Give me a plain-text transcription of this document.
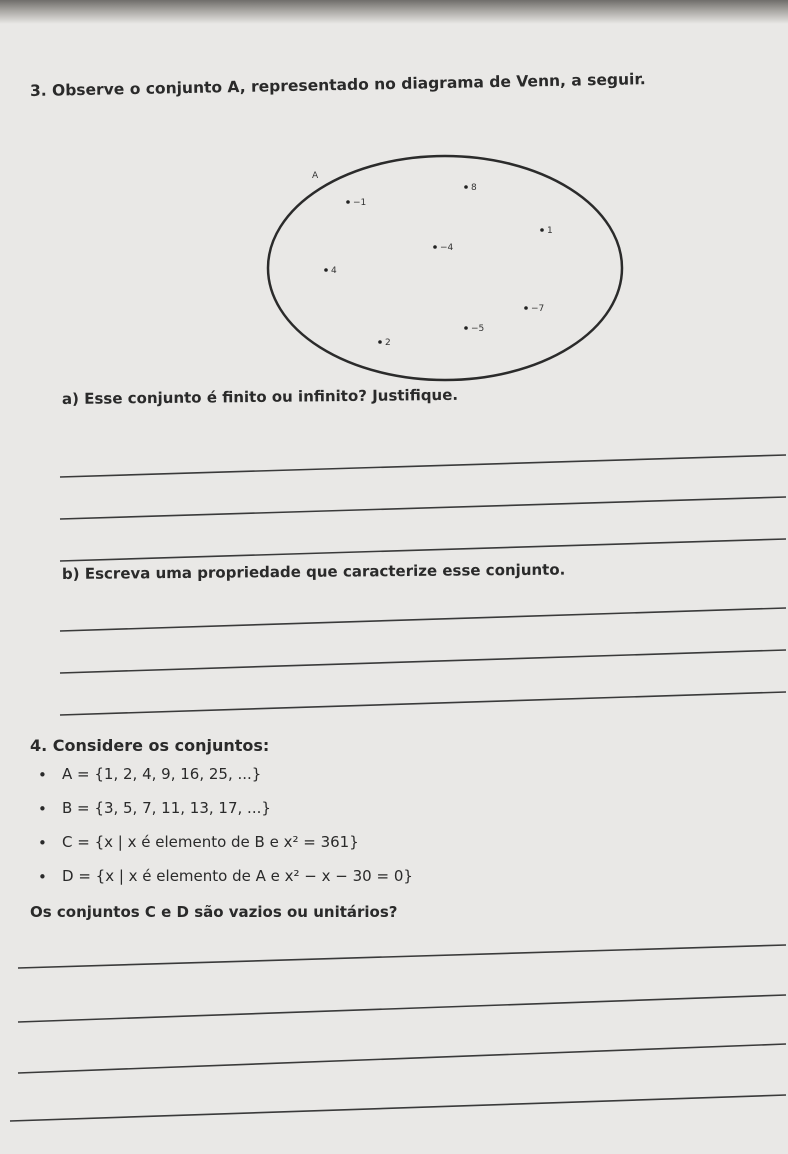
3. Observe o conjunto A, representado no diagrama de Venn, a seguir.
8
−1
1
−4
4
−7
−5
2
A
a) Esse conjunto é finito ou infinito? Justifique.
b) Escreva uma propriedade que caracterize esse conjunto.
4. Considere os conjuntos:
• A = {1, 2, 4, 9, 16, 25, ...}
• B = {3, 5, 7, 11, 13, 17, ...}
• C = {x | x é elemento de B e x² = 361}
• D = {x | x é elemento de A e x² − x − 30 = 0}
Os conjuntos C e D são vazios ou unitários?
